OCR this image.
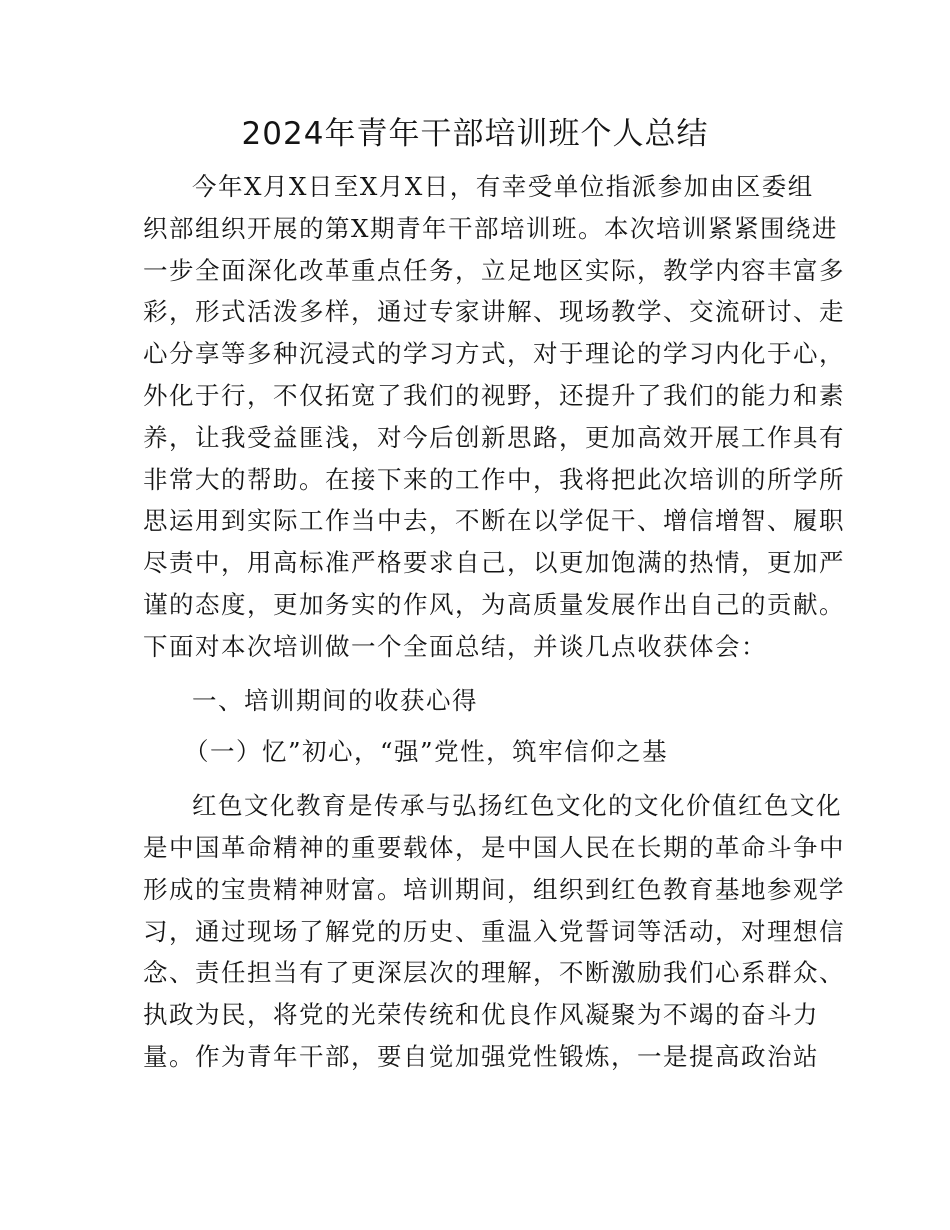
2024年青年干部培训班个人总结
今年X月X日至X月X日，有幸受单位指派参加由区委组
织部组织开展的第X期青年干部培训班。本次培训紧紧围绕进
一步全面深化改革重点任务，立足地区实际，教学内容丰富多
彩，形式活泼多样，通过专家讲解、现场教学、交流研讨、走
心分享等多种沉浸式的学习方式，对于理论的学习内化于心，
外化于行，不仅拓宽了我们的视野，还提升了我们的能力和素
养，让我受益匪浅，对今后创新思路，更加高效开展工作具有
非常大的帮助。在接下来的工作中，我将把此次培训的所学所
思运用到实际工作当中去，不断在以学促干、增信增智、履职
尽责中，用高标准严格要求自己，以更加饱满的热情，更加严
谨的态度，更加务实的作风，为高质量发展作出自己的贡献。
下面对本次培训做一个全面总结，并谈几点收获体会：
一、培训期间的收获心得
（一）忆”初心，“强”党性，筑牢信仰之基
红色文化教育是传承与弘扬红色文化的文化价值红色文化
是中国革命精神的重要载体，是中国人民在长期的革命斗争中
形成的宝贵精神财富。培训期间，组织到红色教育基地参观学
习，通过现场了解党的历史、重温入党誓词等活动，对理想信
念、责任担当有了更深层次的理解，不断激励我们心系群众、
执政为民，将党的光荣传统和优良作风凝聚为不竭的奋斗力
量。作为青年干部，要自觉加强党性锻炼，一是提高政治站
